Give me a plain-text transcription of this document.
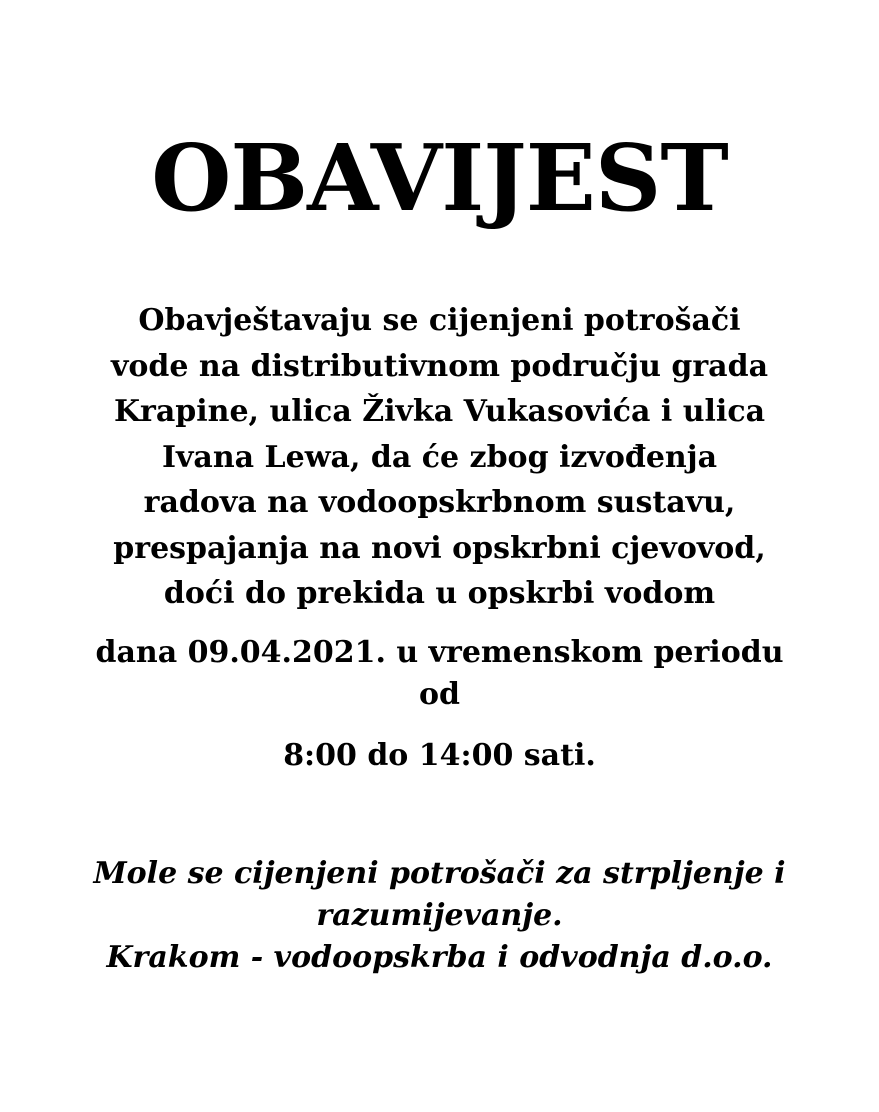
OBAVIJEST
Obavještavaju se cijenjeni potrošači
vode na distributivnom području grada
Krapine, ulica Živka Vukasovića i ulica
Ivana Lewa, da će zbog izvođenja
radova na vodoopskrbnom sustavu,
prespajanja na novi opskrbni cjevovod,
doći do prekida u opskrbi vodom
dana 09.04.2021. u vremenskom periodu
od
8:00 do 14:00 sati.
Mole se cijenjeni potrošači za strpljenje i
razumijevanje.
Krakom - vodoopskrba i odvodnja d.o.o.
